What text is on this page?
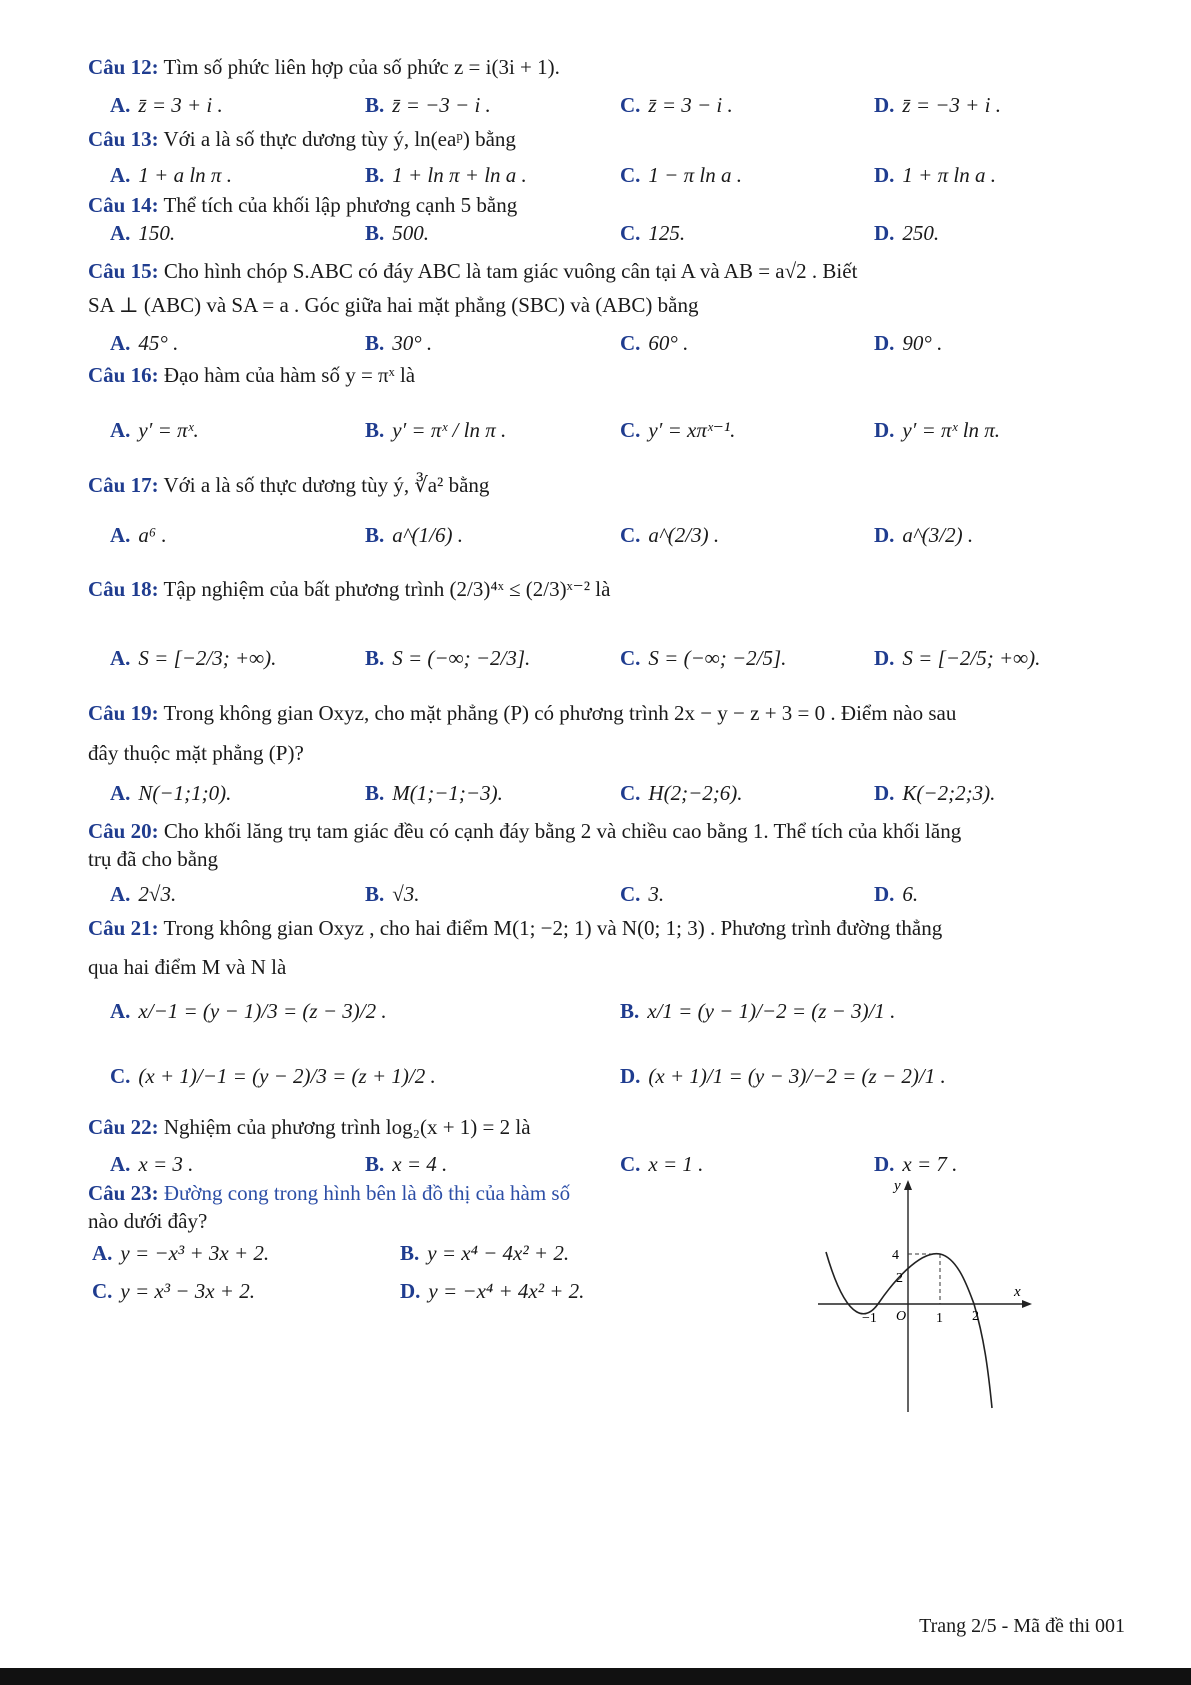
Câu 12: Tìm số phức liên hợp của số phức z = i(3i + 1).
A. z̄ = 3 + i .	B. z̄ = −3 − i .	C. z̄ = 3 − i .	D. z̄ = −3 + i .
Câu 13: Với a là số thực dương tùy ý, ln(eaᵖ) bằng
A. 1 + a ln π .	B. 1 + ln π + ln a .	C. 1 − π ln a .	D. 1 + π ln a .
Câu 14: Thể tích của khối lập phương cạnh 5 bằng
A. 150.	B. 500.	C. 125.	D. 250.
Câu 15: Cho hình chóp S.ABC có đáy ABC là tam giác vuông cân tại A và AB = a√2 . Biết
SA ⊥ (ABC) và SA = a . Góc giữa hai mặt phẳng (SBC) và (ABC) bằng
A. 45° .	B. 30° .	C. 60° .	D. 90° .
Câu 16: Đạo hàm của hàm số y = πˣ là
A. y′ = πˣ.	B. y′ = πˣ / ln π .	C. y′ = xπˣ⁻¹.	D. y′ = πˣ ln π.
Câu 17: Với a là số thực dương tùy ý, ∛a² bằng
A. a⁶ .	B. a^(1/6) .	C. a^(2/3) .	D. a^(3/2) .
Câu 18: Tập nghiệm của bất phương trình (2/3)⁴ˣ ≤ (2/3)ˣ⁻² là
A. S = [−2/3; +∞).	B. S = (−∞; −2/3].	C. S = (−∞; −2/5].	D. S = [−2/5; +∞).
Câu 19: Trong không gian Oxyz, cho mặt phẳng (P) có phương trình 2x − y − z + 3 = 0 . Điểm nào sau
đây thuộc mặt phẳng (P)?
A. N(−1;1;0).	B. M(1;−1;−3).	C. H(2;−2;6).	D. K(−2;2;3).
Câu 20: Cho khối lăng trụ tam giác đều có cạnh đáy bằng 2 và chiều cao bằng 1. Thể tích của khối lăng
trụ đã cho bằng
A. 2√3.	B. √3.	C. 3.	D. 6.
Câu 21: Trong không gian Oxyz , cho hai điểm M(1; −2; 1) và N(0; 1; 3) . Phương trình đường thẳng
qua hai điểm M và N là
A. x/−1 = (y − 1)/3 = (z − 3)/2 .	B. x/1 = (y − 1)/−2 = (z − 3)/1 .
C. (x + 1)/−1 = (y − 2)/3 = (z + 1)/2 .	D. (x + 1)/1 = (y − 3)/−2 = (z − 2)/1 .
Câu 22: Nghiệm của phương trình log₂(x + 1) = 2 là
A. x = 3 .	B. x = 4 .	C. x = 1 .	D. x = 7 .
Câu 23: Đường cong trong hình bên là đồ thị của hàm số
nào dưới đây?
A. y = −x³ + 3x + 2.	B. y = x⁴ − 4x² + 2.
C. y = x³ − 3x + 2.	D. y = −x⁴ + 4x² + 2.
y
x
4
2
−1 O 1 2
Trang 2/5 - Mã đề thi 001
